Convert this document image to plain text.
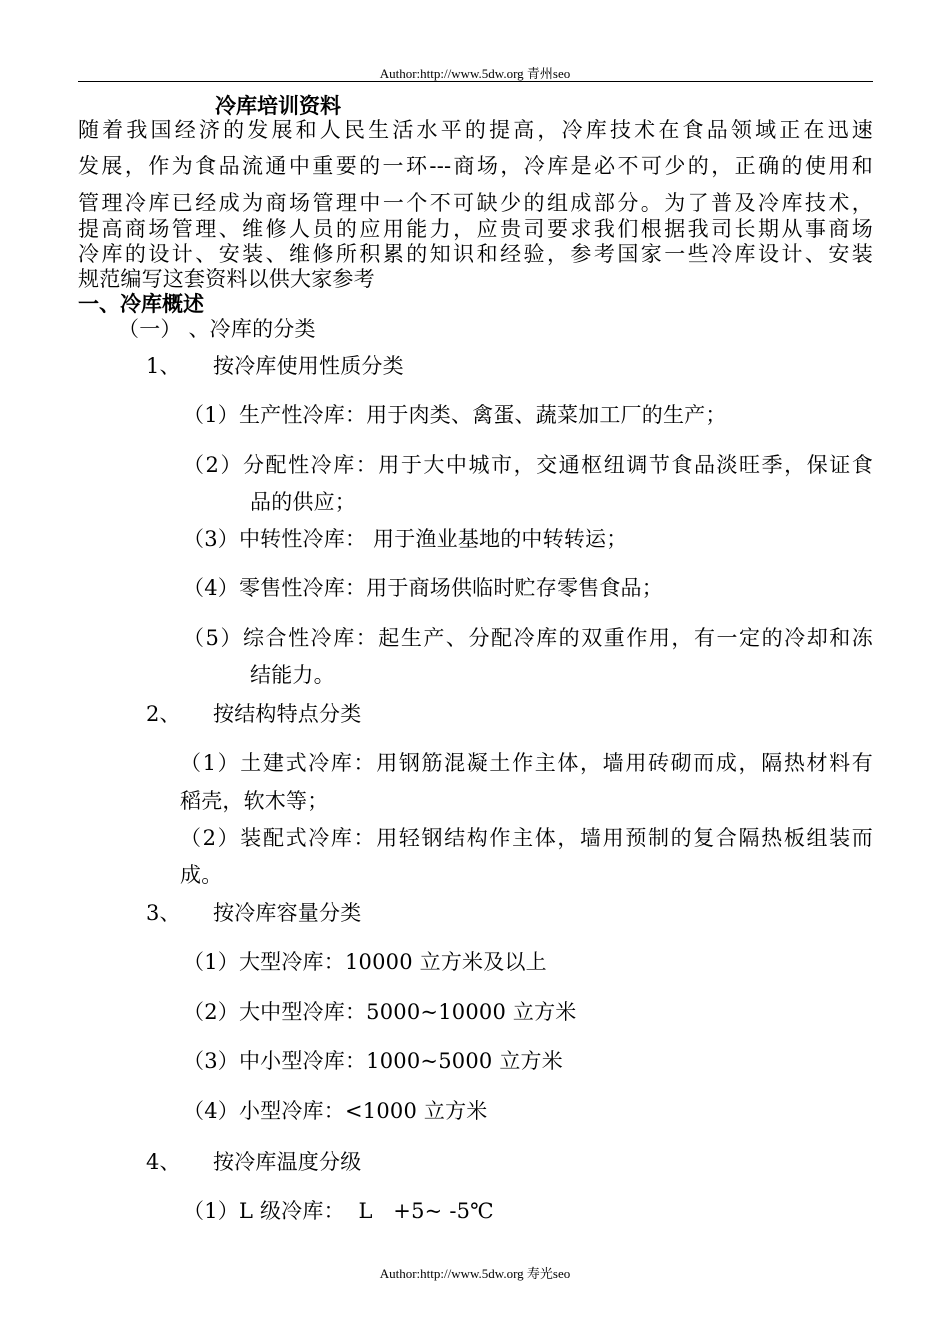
Author:http://www.5dw.org 青州seo
冷库培训资料
随着我国经济的发展和人民生活水平的提高，冷库技术在食品领域正在迅速
发展，作为食品流通中重要的一环---商场，冷库是必不可少的，正确的使用和
管理冷库已经成为商场管理中一个不可缺少的组成部分。为了普及冷库技术，
提高商场管理、维修人员的应用能力，应贵司要求我们根据我司长期从事商场
冷库的设计、安装、维修所积累的知识和经验，参考国家一些冷库设计、安装
规范编写这套资料以供大家参考
一、冷库概述
（一） 、冷库的分类
1、 按冷库使用性质分类
（1）生产性冷库：用于肉类、禽蛋、蔬菜加工厂的生产；
（2）分配性冷库：用于大中城市，交通枢纽调节食品淡旺季，保证食
品的供应；
（3）中转性冷库： 用于渔业基地的中转转运；
（4）零售性冷库：用于商场供临时贮存零售食品；
（5）综合性冷库：起生产、分配冷库的双重作用，有一定的冷却和冻
结能力。
2、 按结构特点分类
（1）土建式冷库：用钢筋混凝土作主体，墙用砖砌而成，隔热材料有
稻壳，软木等；
（2）装配式冷库：用轻钢结构作主体，墙用预制的复合隔热板组装而
成。
3、 按冷库容量分类
（1）大型冷库：10000 立方米及以上
（2）大中型冷库：5000~10000 立方米
（3）中小型冷库：1000~5000 立方米
（4）小型冷库：<1000 立方米
4、 按冷库温度分级
（1）L 级冷库：  L   +5~ -5℃
Author:http://www.5dw.org 寿光seo
